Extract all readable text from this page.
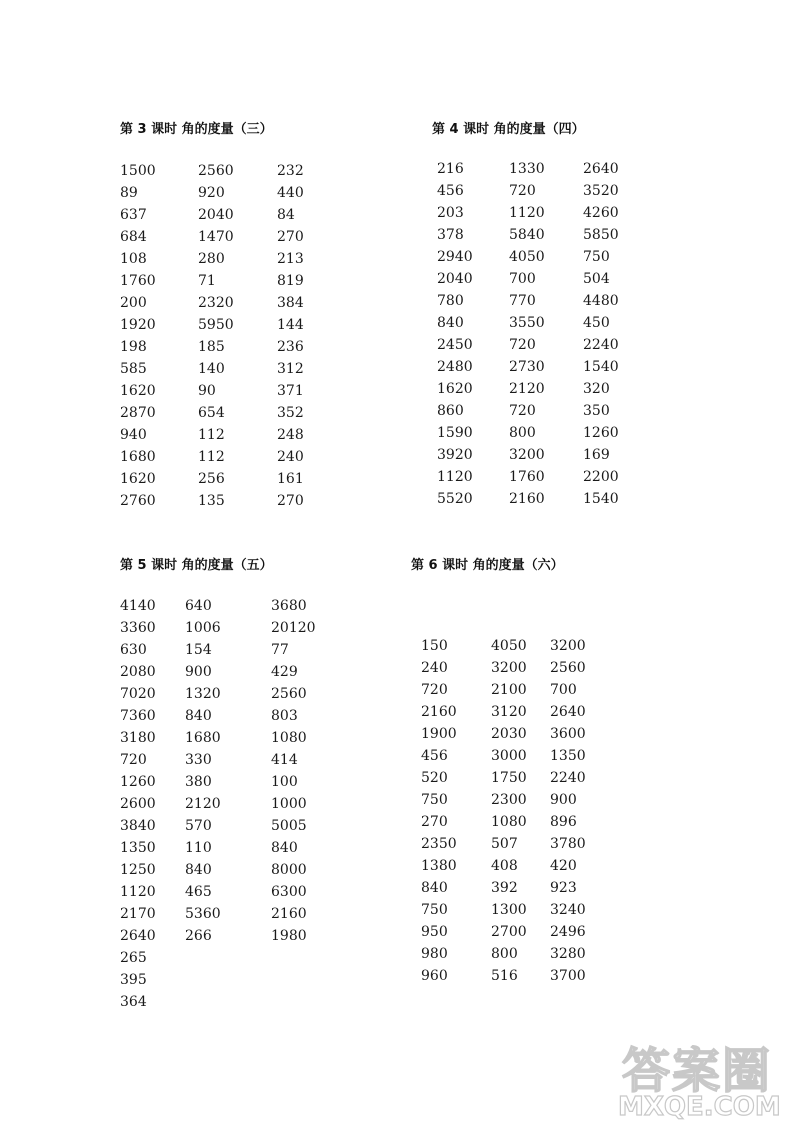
第 3 课时 角的度量（三）
1500
89
637
684
108
1760
200
1920
198
585
1620
2870
940
1680
1620
2760
2560
920
2040
1470
280
71
2320
5950
185
140
90
654
112
112
256
135
232
440
84
270
213
819
384
144
236
312
371
352
248
240
161
270
第 4 课时 角的度量（四）
216
456
203
378
2940
2040
780
840
2450
2480
1620
860
1590
3920
1120
5520
1330
720
1120
5840
4050
700
770
3550
720
2730
2120
720
800
3200
1760
2160
2640
3520
4260
5850
750
504
4480
450
2240
1540
320
350
1260
169
2200
1540
第 5 课时 角的度量（五）
4140
3360
630
2080
7020
7360
3180
720
1260
2600
3840
1350
1250
1120
2170
2640
265
395
364
640
1006
154
900
1320
840
1680
330
380
2120
570
110
840
465
5360
266
3680
20120
77
429
2560
803
1080
414
100
1000
5005
840
8000
6300
2160
1980
第 6 课时 角的度量（六）
150
240
720
2160
1900
456
520
750
270
2350
1380
840
750
950
980
960
4050
3200
2100
3120
2030
3000
1750
2300
1080
507
408
392
1300
2700
800
516
3200
2560
700
2640
3600
1350
2240
900
896
3780
420
923
3240
2496
3280
3700
答案圈
MXQE.COM
